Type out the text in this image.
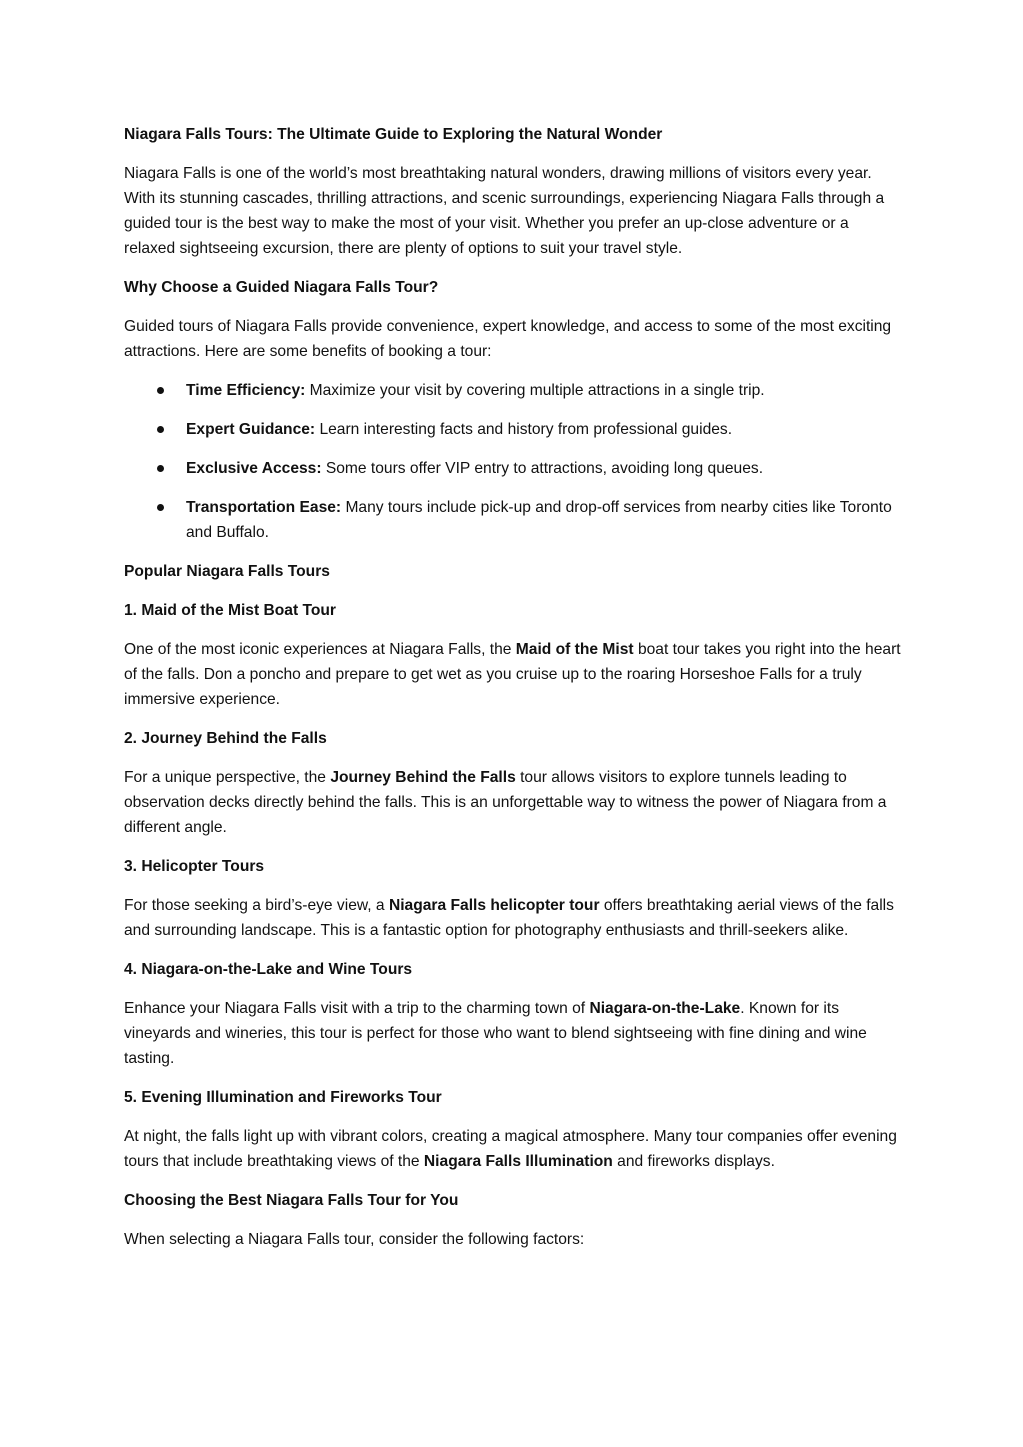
Niagara Falls Tours: The Ultimate Guide to Exploring the Natural Wonder

Niagara Falls is one of the world’s most breathtaking natural wonders, drawing millions of visitors every year. With its stunning cascades, thrilling attractions, and scenic surroundings, experiencing Niagara Falls through a guided tour is the best way to make the most of your visit. Whether you prefer an up-close adventure or a relaxed sightseeing excursion, there are plenty of options to suit your travel style.

Why Choose a Guided Niagara Falls Tour?

Guided tours of Niagara Falls provide convenience, expert knowledge, and access to some of the most exciting attractions. Here are some benefits of booking a tour:

Time Efficiency: Maximize your visit by covering multiple attractions in a single trip.
Expert Guidance: Learn interesting facts and history from professional guides.
Exclusive Access: Some tours offer VIP entry to attractions, avoiding long queues.
Transportation Ease: Many tours include pick-up and drop-off services from nearby cities like Toronto and Buffalo.
Popular Niagara Falls Tours
1. Maid of the Mist Boat Tour

One of the most iconic experiences at Niagara Falls, the Maid of the Mist boat tour takes you right into the heart of the falls. Don a poncho and prepare to get wet as you cruise up to the roaring Horseshoe Falls for a truly immersive experience.

2. Journey Behind the Falls

For a unique perspective, the Journey Behind the Falls tour allows visitors to explore tunnels leading to observation decks directly behind the falls. This is an unforgettable way to witness the power of Niagara from a different angle.

3. Helicopter Tours

For those seeking a bird’s-eye view, a Niagara Falls helicopter tour offers breathtaking aerial views of the falls and surrounding landscape. This is a fantastic option for photography enthusiasts and thrill-seekers alike.

4. Niagara-on-the-Lake and Wine Tours

Enhance your Niagara Falls visit with a trip to the charming town of Niagara-on-the-Lake. Known for its vineyards and wineries, this tour is perfect for those who want to blend sightseeing with fine dining and wine tasting.

5. Evening Illumination and Fireworks Tour

At night, the falls light up with vibrant colors, creating a magical atmosphere. Many tour companies offer evening tours that include breathtaking views of the Niagara Falls Illumination and fireworks displays.

Choosing the Best Niagara Falls Tour for You

When selecting a Niagara Falls tour, consider the following factors:
